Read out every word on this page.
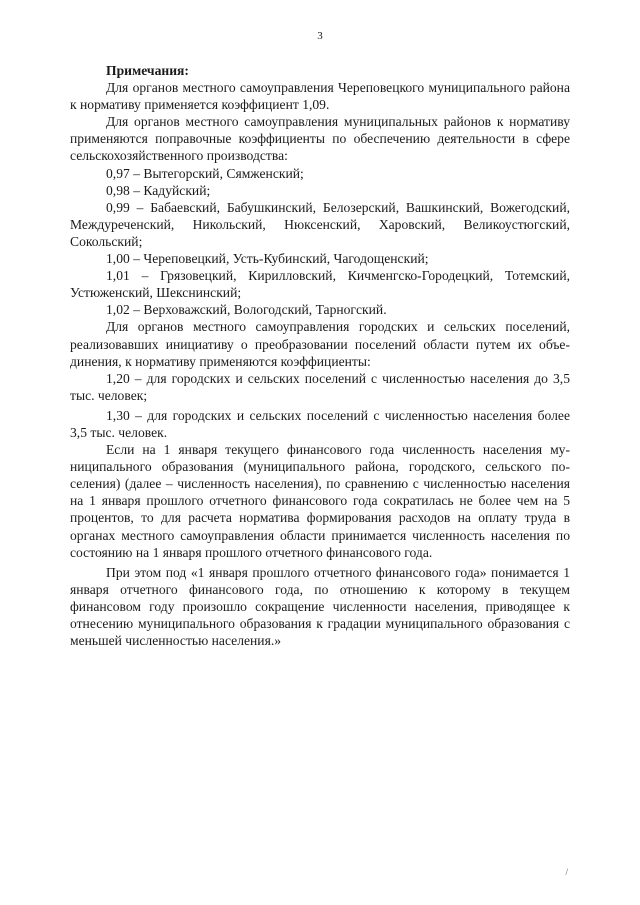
3

Примечания:

Для органов местного самоуправления Череповецкого муниципального района к нормативу применяется коэффициент 1,09.

Для органов местного самоуправления муниципальных районов к нормативу применяются поправочные коэффициенты по обеспечению деятельности в сфере сельскохозяйственного производства:

0,97 – Вытегорский, Сямженский;

0,98 – Кадуйский;

0,99 – Бабаевский, Бабушкинский, Белозерский, Вашкинский, Вожегодский, Междуреченский, Никольский, Нюксенский, Харовский, Великоустюгский, Сокольский;

1,00 – Череповецкий, Усть-Кубинский, Чагодощенский;

1,01 – Грязовецкий, Кирилловский, Кичменгско-Городецкий, Тотемский, Устюженский, Шекснинский;

1,02 – Верховажский, Вологодский, Тарногский.

Для органов местного самоуправления городских и сельских поселений, реализовавших инициативу о преобразовании поселений области путем их объединения, к нормативу применяются коэффициенты:

1,20 – для городских и сельских поселений с численностью населения до 3,5 тыс. человек;

1,30 – для городских и сельских поселений с численностью населения более 3,5 тыс. человек.

Если на 1 января текущего финансового года численность населения муниципального образования (муниципального района, городского, сельского поселения) (далее – численность населения), по сравнению с численностью населения на 1 января прошлого отчетного финансового года сократилась не более чем на 5 процентов, то для расчета норматива формирования расходов на оплату труда в органах местного самоуправления области принимается численность населения по состоянию на 1 января прошлого отчетного финансового года.

При этом под «1 января прошлого отчетного финансового года» понимается 1 января отчетного финансового года, по отношению к которому в текущем финансовом году произошло сокращение численности населения, приводящее к отнесению муниципального образования к градации муниципального образования с меньшей численностью населения.»

/
